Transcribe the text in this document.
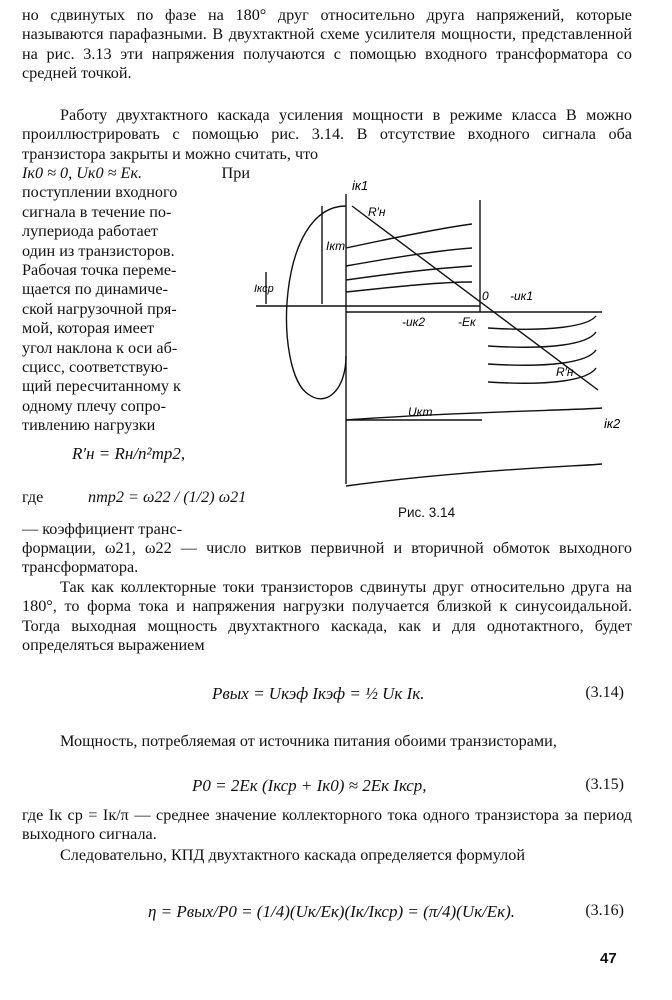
но сдвинутых по фазе на 180° друг относительно друга напряжений, которые называются парафазными. В двухтактной схеме усилителя мощности, представленной на рис. 3.13 эти напряжения получаются с помощью входного трансформатора со средней точкой.

Работу двухтактного каскада усиления мощности в режиме класса В можно проиллюстрировать с помощью рис. 3.14. В отсутствие входного сигнала оба транзистора закрыты и можно считать, что

Iк0 ≈ 0, Uк0 ≈ Eк.	При
поступлении входного
сигнала в течение по-
лупериода работает
один из транзисторов.
Рабочая точка переме-
щается по динамиче-
ской нагрузочной пря-
мой, которая имеет
угол наклона к оси аб-
сцисс, соответствую-
щий пересчитанному к
одному плечу сопро-
тивлению нагрузки
R′н = Rн/n²тр2,
где	nтр2 = ω22 / (1/2) ω21
— коэффициент транс-

формации, ω21, ω22 — число витков первичной и вторичной обмоток выходного трансформатора.

Так как коллекторные токи транзисторов сдвинуты друг относительно друга на 180°, то форма тока и напряжения нагрузки получается близкой к синусоидальной. Тогда выходная мощность двухтактного каскада, как и для однотактного, будет определяться выражением

Pвых = Uкэф Iкэф = ½ Uк Iк.	(3.14)

Мощность, потребляемая от источника питания обоими транзисторами,

P0 = 2Eк (Iкср + Iк0) ≈ 2Eк Iкср,	(3.15)

где Iк ср = Iк/π — среднее значение коллекторного тока одного транзистора за период выходного сигнала.

Следовательно, КПД двухтактного каскада определяется формулой

η = Pвых/P0 = (1/4)(Uк/Eк)(Iк/Iкср) = (π/4)(Uк/Eк).	(3.16)
iк1
R′н
Iкт
Iкср	0 -uк1
-uк2	-Eк
R′н
Uкт
iк2
Рис. 3.14
47
